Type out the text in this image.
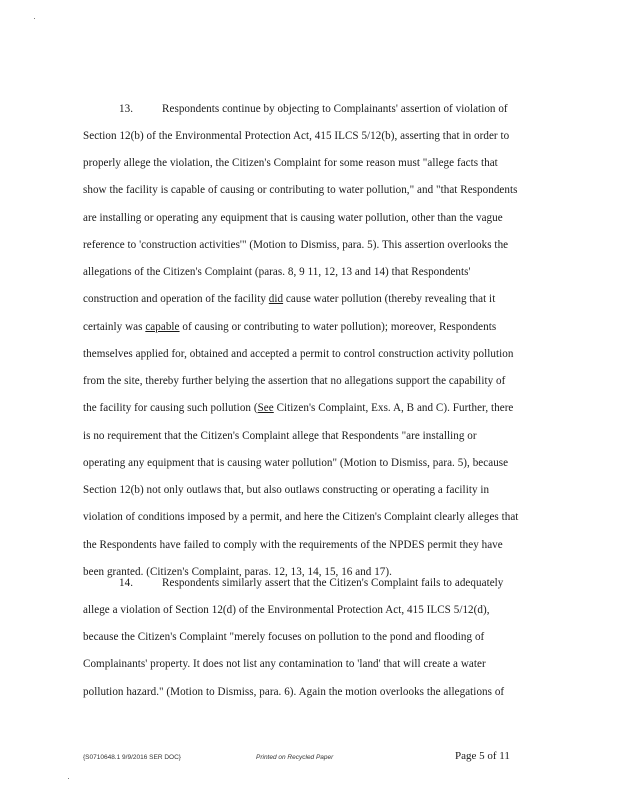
{S0710648.1 9/9/2016 SER DOC}	Printed on Recycled Paper	Page 5 of 11
13.	Respondents continue by objecting to Complainants' assertion of violation of
Section 12(b) of the Environmental Protection Act, 415 ILCS 5/12(b), asserting that in order to
properly allege the violation, the Citizen's Complaint for some reason must "allege facts that
show the facility is capable of causing or contributing to water pollution," and "that Respondents
are installing or operating any equipment that is causing water pollution, other than the vague
reference to 'construction activities'" (Motion to Dismiss, para. 5). This assertion overlooks the
allegations of the Citizen's Complaint (paras. 8, 9 11, 12, 13 and 14) that Respondents'
construction and operation of the facility did cause water pollution (thereby revealing that it
certainly was capable of causing or contributing to water pollution); moreover, Respondents
themselves applied for, obtained and accepted a permit to control construction activity pollution
from the site, thereby further belying the assertion that no allegations support the capability of
the facility for causing such pollution (See Citizen's Complaint, Exs. A, B and C). Further, there
is no requirement that the Citizen's Complaint allege that Respondents "are installing or
operating any equipment that is causing water pollution" (Motion to Dismiss, para. 5), because
Section 12(b) not only outlaws that, but also outlaws constructing or operating a facility in
violation of conditions imposed by a permit, and here the Citizen's Complaint clearly alleges that
the Respondents have failed to comply with the requirements of the NPDES permit they have
been granted. (Citizen's Complaint, paras. 12, 13, 14, 15, 16 and 17).
14.	Respondents similarly assert that the Citizen's Complaint fails to adequately
allege a violation of Section 12(d) of the Environmental Protection Act, 415 ILCS 5/12(d),
because the Citizen's Complaint "merely focuses on pollution to the pond and flooding of
Complainants' property. It does not list any contamination to 'land' that will create a water
pollution hazard." (Motion to Dismiss, para. 6). Again the motion overlooks the allegations of
